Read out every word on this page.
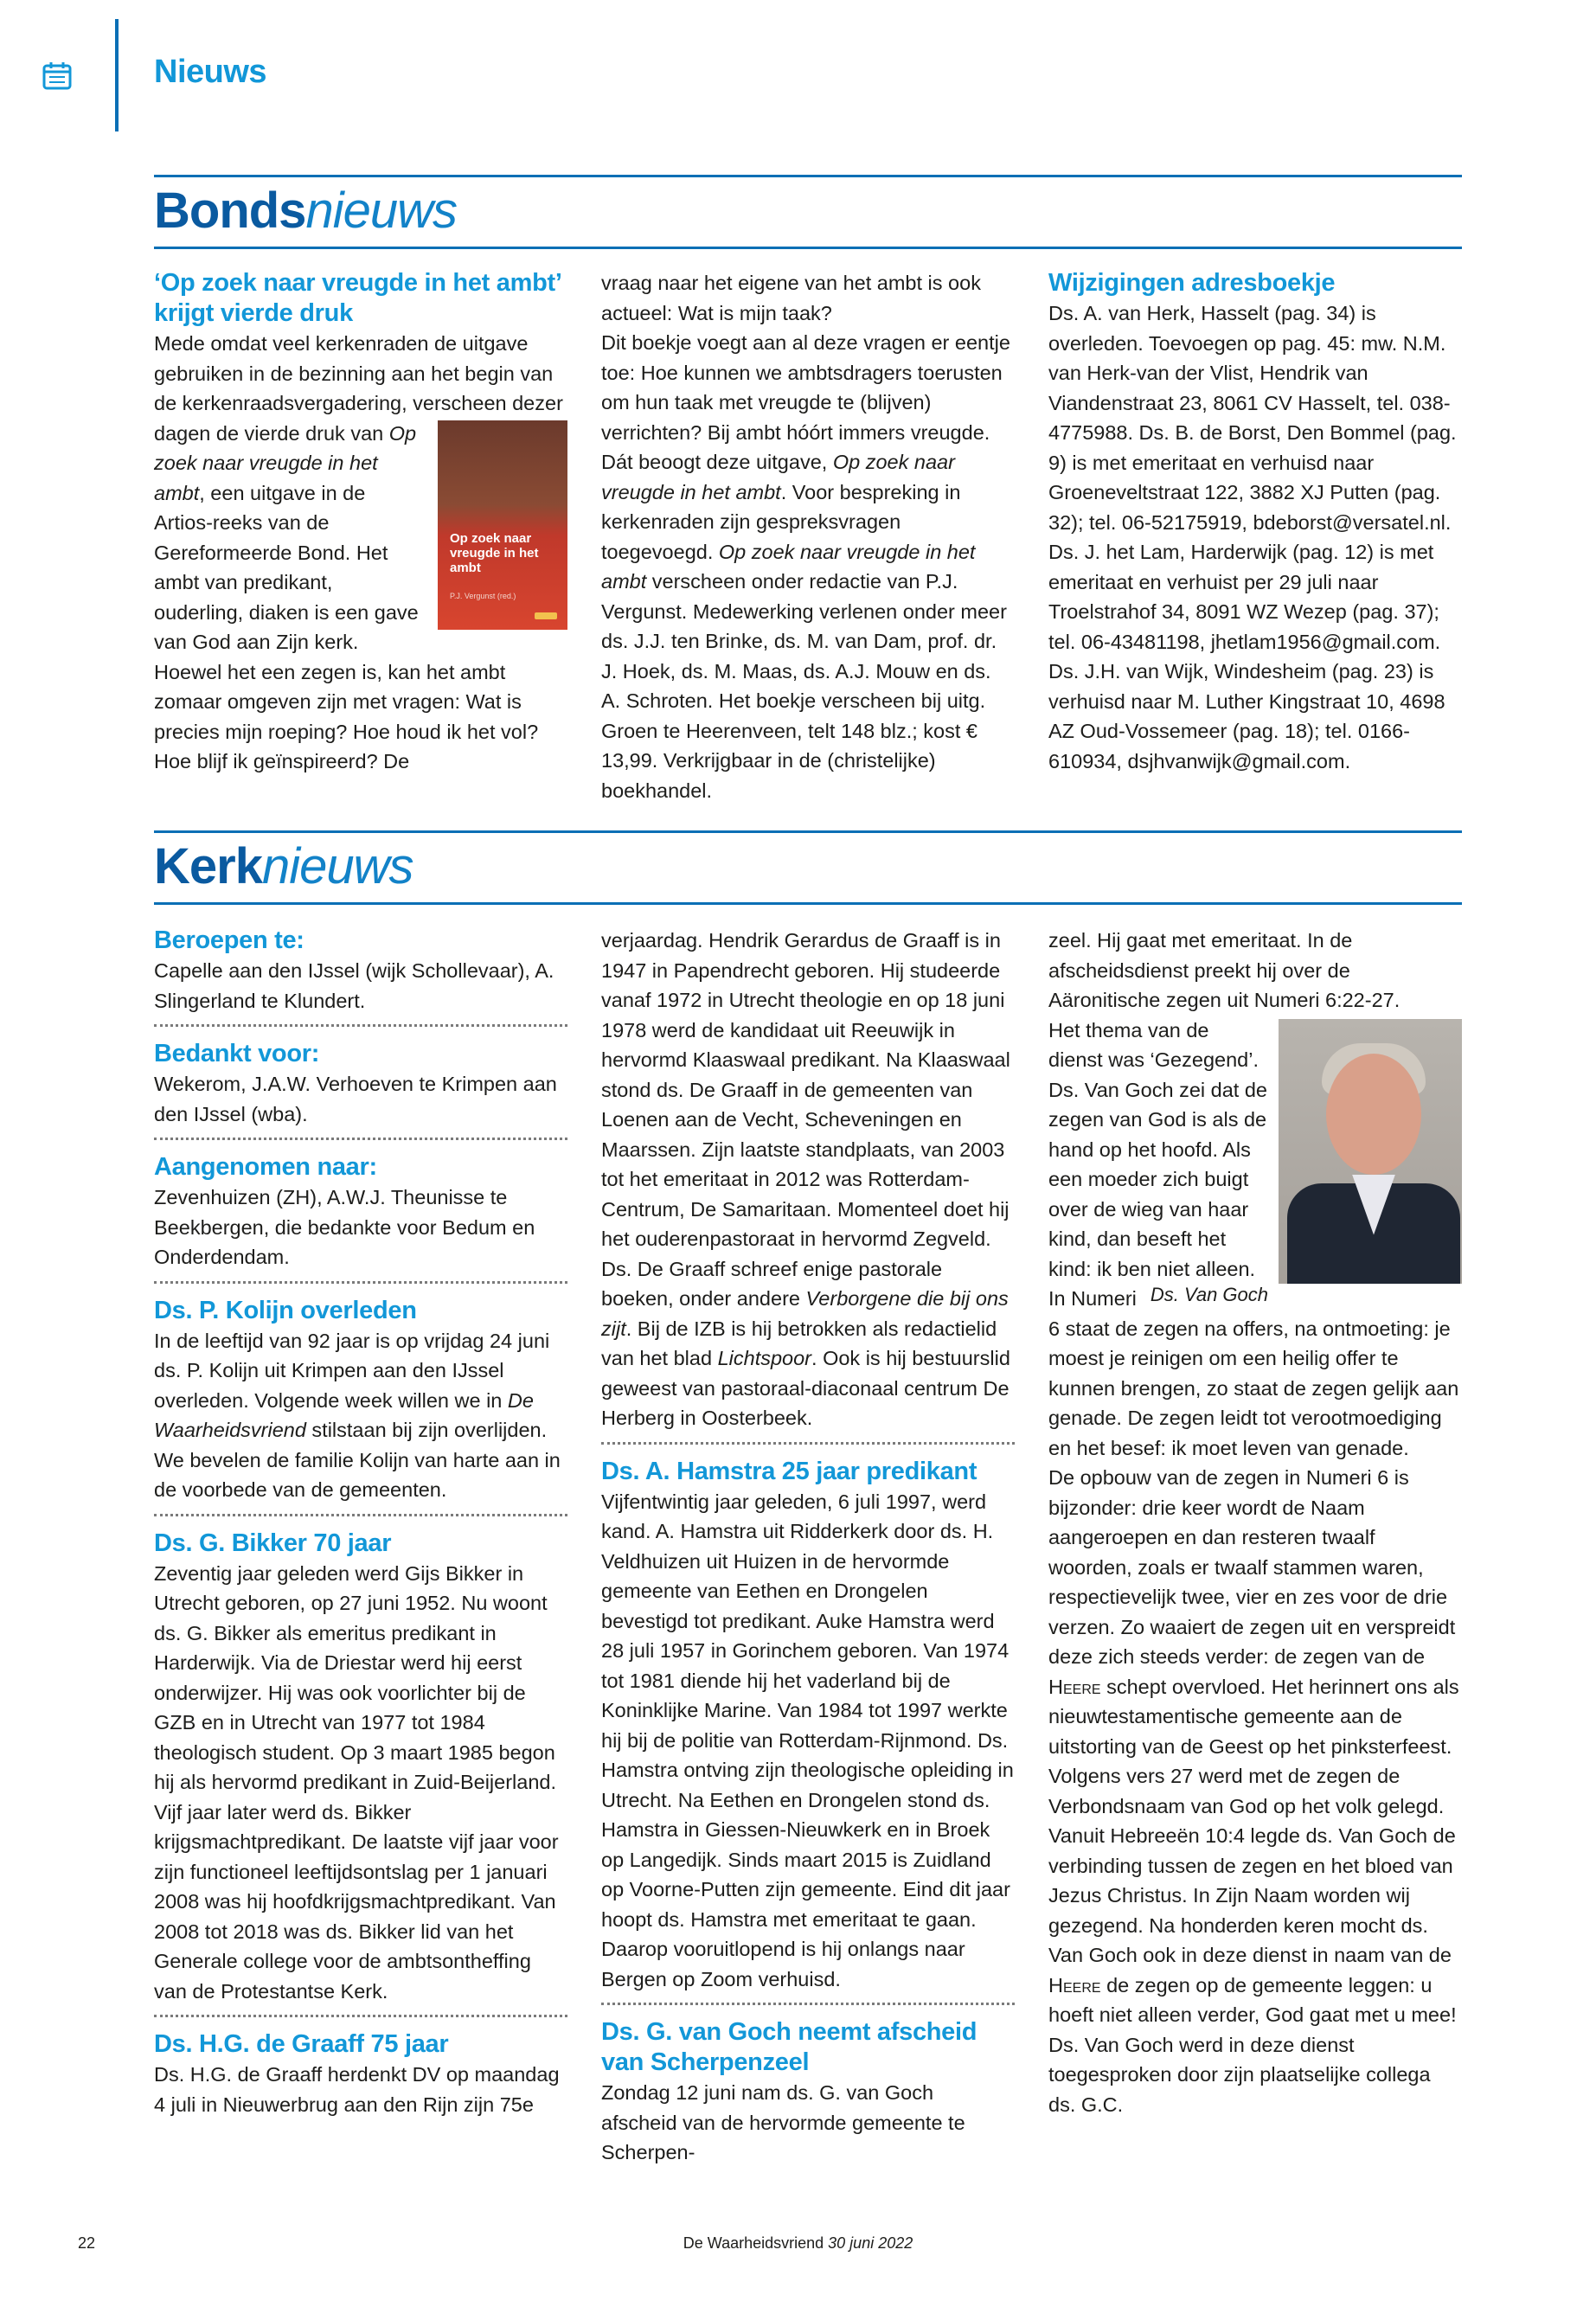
Nieuws
Bondsnieuws

‘Op zoek naar vreugde in het ambt’ krijgt vierde druk

Mede omdat veel kerkenraden de uitgave gebruiken in de bezinning aan het begin van de kerkenraadsvergadering, verscheen dezer dagen de vierde druk van
Op zoek naar vreugde in het ambt
P.J. Vergunst (red.)
Op zoek naar vreugde in het ambt, een uitgave in de Artios-reeks van de Gereformeerde Bond. Het ambt van predikant, ouderling, diaken is een gave van God aan Zijn kerk. Hoewel het een zegen is, kan het ambt zomaar omgeven zijn met vragen: Wat is precies mijn roeping? Hoe houd ik het vol? Hoe blijf ik geïnspireerd? De

vraag naar het eigene van het ambt is ook actueel: Wat is mijn taak?

Dit boekje voegt aan al deze vragen er eentje toe: Hoe kunnen we ambtsdragers toerusten om hun taak met vreugde te (blijven) verrichten? Bij ambt hóórt immers vreugde. Dát beoogt deze uitgave, Op zoek naar vreugde in het ambt. Voor bespreking in kerkenraden zijn gespreksvragen toegevoegd. Op zoek naar vreugde in het ambt verscheen onder redactie van P.J. Vergunst. Medewerking verlenen onder meer ds. J.J. ten Brinke, ds. M. van Dam, prof. dr. J. Hoek, ds. M. Maas, ds. A.J. Mouw en ds. A. Schroten. Het boekje verscheen bij uitg. Groen te Heerenveen, telt 148 blz.; kost € 13,99. Verkrijgbaar in de (christelijke) boekhandel.

Wijzigingen adresboekje

Ds. A. van Herk, Hasselt (pag. 34) is overleden. Toevoegen op pag. 45: mw. N.M. van Herk-van der Vlist, Hendrik van Viandenstraat 23, 8061 CV Hasselt, tel. 038-4775988. Ds. B. de Borst, Den Bommel (pag. 9) is met emeritaat en verhuisd naar Groeneveltstraat 122, 3882 XJ Putten (pag. 32); tel. 06-52175919, bdeborst@versatel.nl. Ds. J. het Lam, Harderwijk (pag. 12) is met emeritaat en verhuist per 29 juli naar Troelstrahof 34, 8091 WZ Wezep (pag. 37); tel. 06-43481198, jhetlam1956@gmail.com. Ds. J.H. van Wijk, Windesheim (pag. 23) is verhuisd naar M. Luther Kingstraat 10, 4698 AZ Oud-Vossemeer (pag. 18); tel. 0166-610934, dsjhvanwijk@gmail.com.

Kerknieuws

Beroepen te:

Capelle aan den IJssel (wijk Schollevaar), A. Slingerland te Klundert.

Bedankt voor:

Wekerom, J.A.W. Verhoeven te Krimpen aan den IJssel (wba).

Aangenomen naar:

Zevenhuizen (ZH), A.W.J. Theunisse te Beekbergen, die bedankte voor Bedum en Onderdendam.

Ds. P. Kolijn overleden

In de leeftijd van 92 jaar is op vrijdag 24 juni ds. P. Kolijn uit Krimpen aan den IJssel overleden. Volgende week willen we in De Waarheidsvriend stilstaan bij zijn overlijden. We bevelen de familie Kolijn van harte aan in de voorbede van de gemeenten.

Ds. G. Bikker 70 jaar

Zeventig jaar geleden werd Gijs Bikker in Utrecht geboren, op 27 juni 1952. Nu woont ds. G. Bikker als emeritus predikant in Harderwijk. Via de Driestar werd hij eerst onderwijzer. Hij was ook voorlichter bij de GZB en in Utrecht van 1977 tot 1984 theologisch student. Op 3 maart 1985 begon hij als hervormd predikant in Zuid-Beijerland. Vijf jaar later werd ds. Bikker krijgsmachtpredikant. De laatste vijf jaar voor zijn functioneel leeftijdsontslag per 1 januari 2008 was hij hoofdkrijgsmachtpredikant. Van 2008 tot 2018 was ds. Bikker lid van het Generale college voor de ambtsontheffing van de Protestantse Kerk.

Ds. H.G. de Graaff 75 jaar

Ds. H.G. de Graaff herdenkt DV op maandag 4 juli in Nieuwerbrug aan den Rijn zijn 75e

verjaardag. Hendrik Gerardus de Graaff is in 1947 in Papendrecht geboren. Hij studeerde vanaf 1972 in Utrecht theologie en op 18 juni 1978 werd de kandidaat uit Reeuwijk in hervormd Klaaswaal predikant. Na Klaaswaal stond ds. De Graaff in de gemeenten van Loenen aan de Vecht, Scheveningen en Maarssen. Zijn laatste standplaats, van 2003 tot het emeritaat in 2012 was Rotterdam-Centrum, De Samaritaan. Momenteel doet hij het ouderenpastoraat in hervormd Zegveld. Ds. De Graaff schreef enige pastorale boeken, onder andere Verborgene die bij ons zijt. Bij de IZB is hij betrokken als redactielid van het blad Lichtspoor. Ook is hij bestuurslid geweest van pastoraal-diaconaal centrum De Herberg in Oosterbeek.

Ds. A. Hamstra 25 jaar predikant

Vijfentwintig jaar geleden, 6 juli 1997, werd kand. A. Hamstra uit Ridderkerk door ds. H. Veldhuizen uit Huizen in de hervormde gemeente van Eethen en Drongelen bevestigd tot predikant. Auke Hamstra werd 28 juli 1957 in Gorinchem geboren. Van 1974 tot 1981 diende hij het vaderland bij de Koninklijke Marine. Van 1984 tot 1997 werkte hij bij de politie van Rotterdam-Rijnmond. Ds. Hamstra ontving zijn theologische opleiding in Utrecht. Na Eethen en Drongelen stond ds. Hamstra in Giessen-Nieuwkerk en in Broek op Langedijk. Sinds maart 2015 is Zuidland op Voorne-Putten zijn gemeente. Eind dit jaar hoopt ds. Hamstra met emeritaat te gaan. Daarop vooruitlopend is hij onlangs naar Bergen op Zoom verhuisd.

Ds. G. van Goch neemt afscheid van Scherpenzeel

Zondag 12 juni nam ds. G. van Goch afscheid van de hervormde gemeente te Scherpen-

zeel. Hij gaat met emeritaat. In de afscheidsdienst preekt hij over de Aäronitische zegen uit Numeri 6:22-27.

Het thema van de dienst was ‘Gezegend’. Ds. Van Goch zei dat de zegen van God is als de hand op het hoofd. Als een moeder zich buigt over de wieg van haar kind, dan beseft het kind: ik ben niet alleen.
Ds. Van Goch

In Numeri 6 staat de zegen na offers, na ontmoeting: je moest je reinigen om een heilig offer te kunnen brengen, zo staat de zegen gelijk aan genade. De zegen leidt tot verootmoediging en het besef: ik moet leven van genade.

De opbouw van de zegen in Numeri 6 is bijzonder: drie keer wordt de Naam aangeroepen en dan resteren twaalf woorden, zoals er twaalf stammen waren, respectievelijk twee, vier en zes voor de drie verzen. Zo waaiert de zegen uit en verspreidt deze zich steeds verder: de zegen van de Heere schept overvloed. Het herinnert ons als nieuwtestamentische gemeente aan de uitstorting van de Geest op het pinksterfeest. Volgens vers 27 werd met de zegen de Verbondsnaam van God op het volk gelegd. Vanuit Hebreeën 10:4 legde ds. Van Goch de verbinding tussen de zegen en het bloed van Jezus Christus. In Zijn Naam worden wij gezegend. Na honderden keren mocht ds. Van Goch ook in deze dienst in naam van de Heere de zegen op de gemeente leggen: u hoeft niet alleen verder, God gaat met u mee!

Ds. Van Goch werd in deze dienst toegesproken door zijn plaatselijke collega ds. G.C.

22	De Waarheidsvriend 30 juni 2022
